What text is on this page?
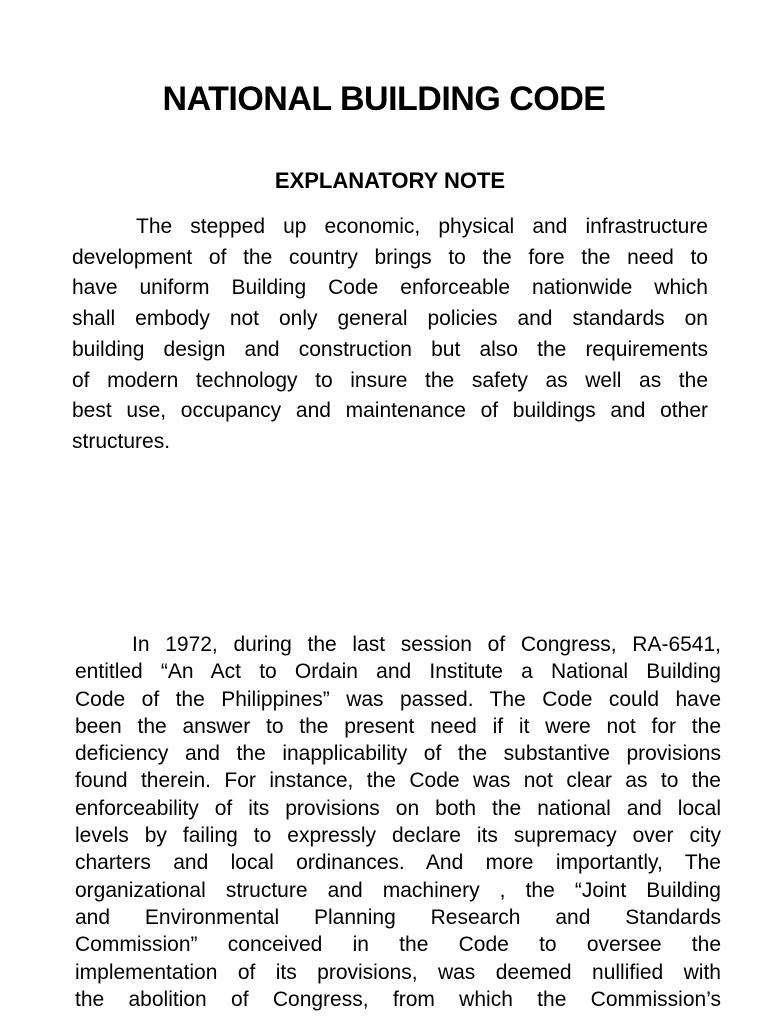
NATIONAL BUILDING CODE
EXPLANATORY NOTE
The stepped up economic, physical and infrastructure
development of the country brings to the fore the need to
have uniform Building Code enforceable nationwide which
shall embody not only general policies and standards on
building design and construction but also the requirements
of modern technology to insure the safety as well as the
best use, occupancy and maintenance of buildings and other
structures.
In 1972, during the last session of Congress, RA-6541,
entitled “An Act to Ordain and Institute a National Building
Code of the Philippines” was passed. The Code could have
been the answer to the present need if it were not for the
deficiency and the inapplicability of the substantive provisions
found therein. For instance, the Code was not clear as to the
enforceability of its provisions on both the national and local
levels by failing to expressly declare its supremacy over city
charters and local ordinances. And more importantly, The
organizational structure and machinery , the “Joint Building
and Environmental Planning Research and Standards
Commission” conceived in the Code to oversee the
implementation of its provisions, was deemed nullified with
the abolition of Congress, from which the Commission’s
